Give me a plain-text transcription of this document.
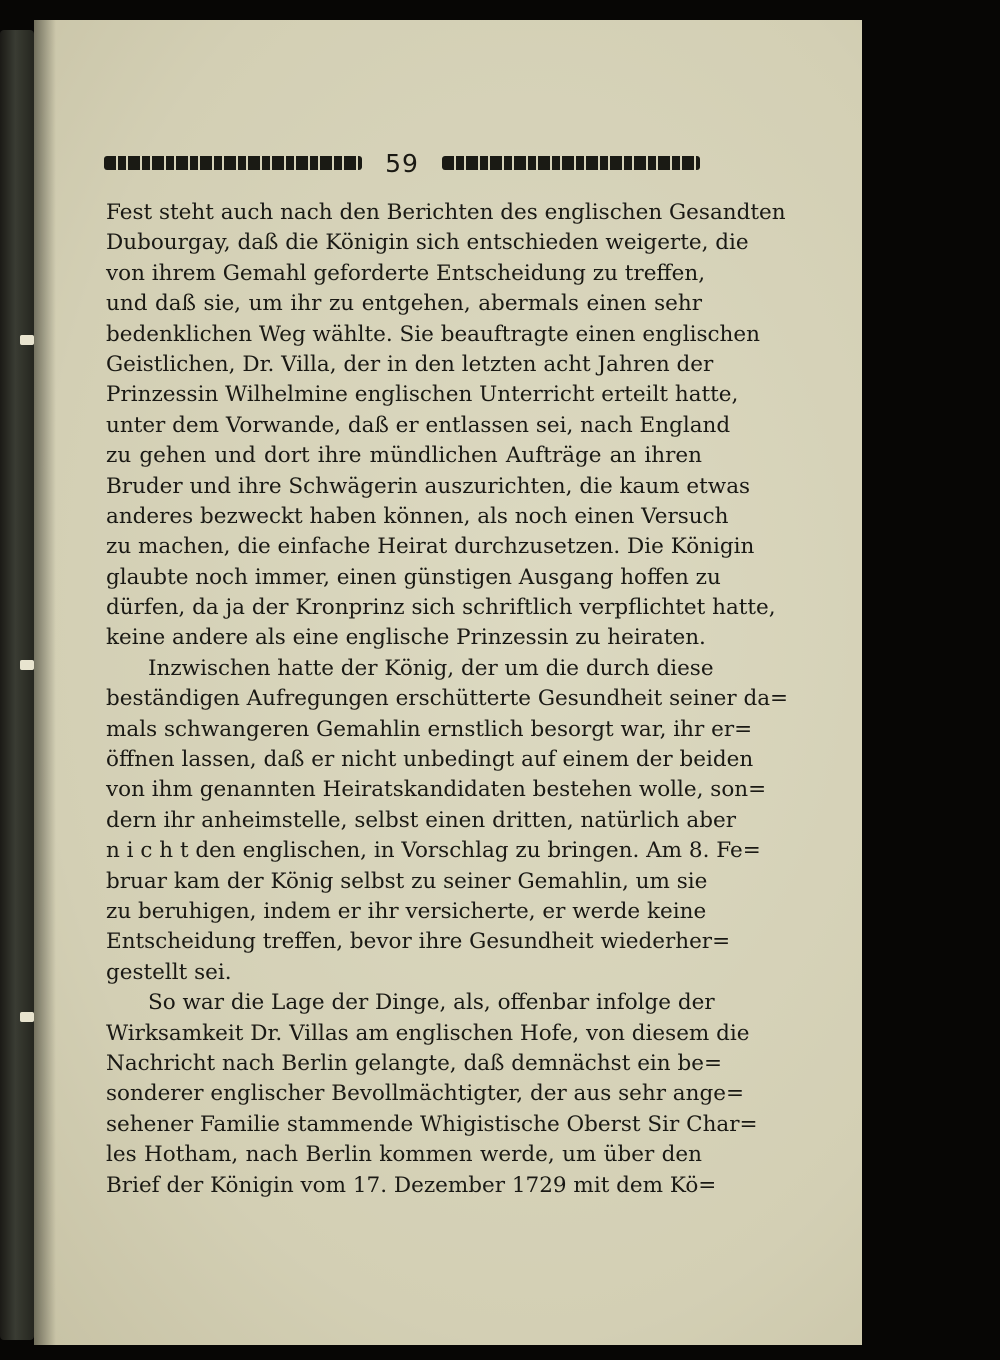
59
Fest steht auch nach den Berichten des englischen Gesandten
Dubourgay, daß die Königin sich entschieden weigerte, die
von ihrem Gemahl geforderte Entscheidung zu treffen,
und daß sie, um ihr zu entgehen, abermals einen sehr
bedenklichen Weg wählte. Sie beauftragte einen englischen
Geistlichen, Dr. Villa, der in den letzten acht Jahren der
Prinzessin Wilhelmine englischen Unterricht erteilt hatte,
unter dem Vorwande, daß er entlassen sei, nach England
zu gehen und dort ihre mündlichen Aufträge an ihren
Bruder und ihre Schwägerin auszurichten, die kaum etwas
anderes bezweckt haben können, als noch einen Versuch
zu machen, die einfache Heirat durchzusetzen. Die Königin
glaubte noch immer, einen günstigen Ausgang hoffen zu
dürfen, da ja der Kronprinz sich schriftlich verpflichtet hatte,
keine andere als eine englische Prinzessin zu heiraten.
Inzwischen hatte der König, der um die durch diese
beständigen Aufregungen erschütterte Gesundheit seiner da=
mals schwangeren Gemahlin ernstlich besorgt war, ihr er=
öffnen lassen, daß er nicht unbedingt auf einem der beiden
von ihm genannten Heiratskandidaten bestehen wolle, son=
dern ihr anheimstelle, selbst einen dritten, natürlich aber
n i c h t den englischen, in Vorschlag zu bringen. Am 8. Fe=
bruar kam der König selbst zu seiner Gemahlin, um sie
zu beruhigen, indem er ihr versicherte, er werde keine
Entscheidung treffen, bevor ihre Gesundheit wiederher=
gestellt sei.
So war die Lage der Dinge, als, offenbar infolge der
Wirksamkeit Dr. Villas am englischen Hofe, von diesem die
Nachricht nach Berlin gelangte, daß demnächst ein be=
sonderer englischer Bevollmächtigter, der aus sehr ange=
sehener Familie stammende Whigistische Oberst Sir Char=
les Hotham, nach Berlin kommen werde, um über den
Brief der Königin vom 17. Dezember 1729 mit dem Kö=
